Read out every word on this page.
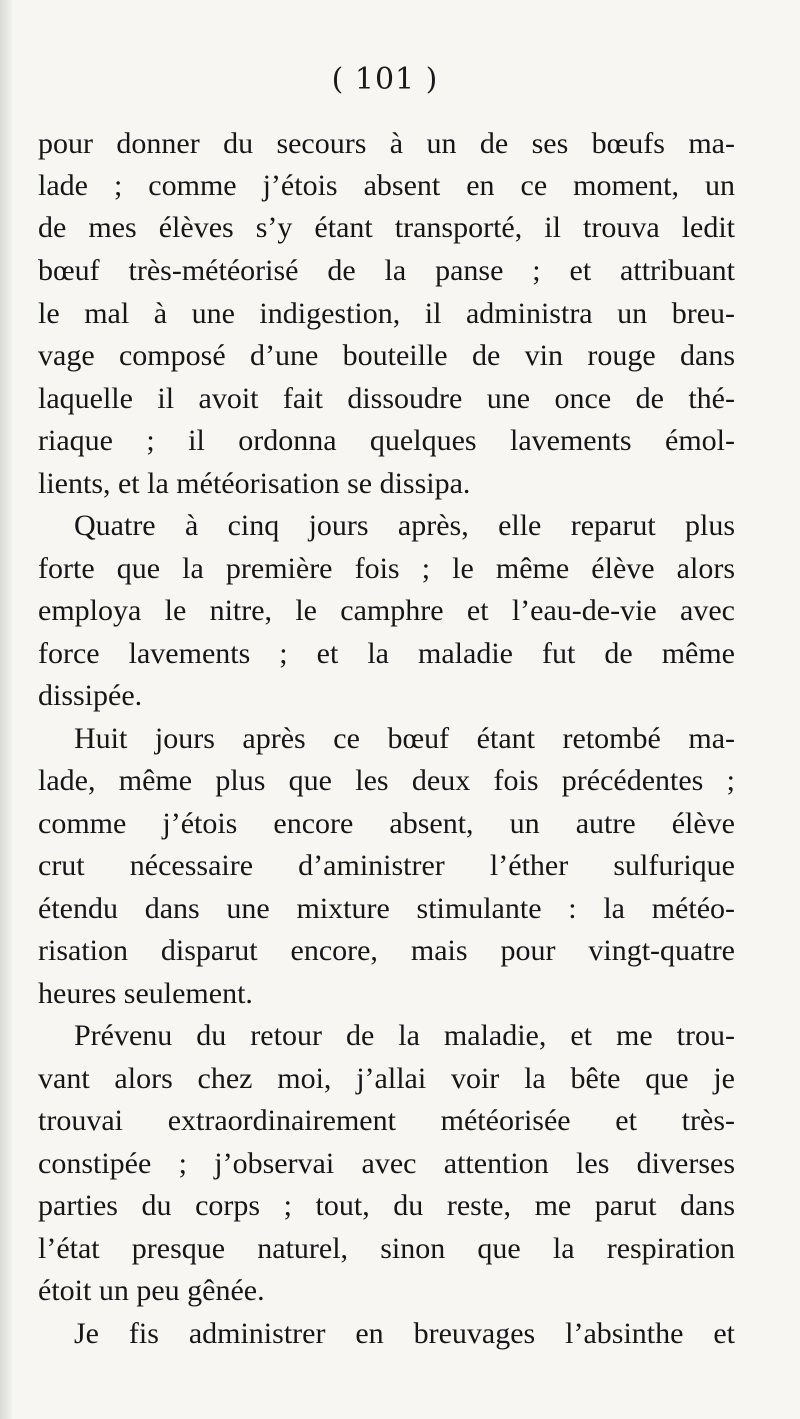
( 101 )
pour donner du secours à un de ses bœufs ma-
lade ; comme j’étois absent en ce moment, un
de mes élèves s’y étant transporté, il trouva ledit
bœuf très-météorisé de la panse ; et attribuant
le mal à une indigestion, il administra un breu-
vage composé d’une bouteille de vin rouge dans
laquelle il avoit fait dissoudre une once de thé-
riaque ; il ordonna quelques lavements émol-
lients, et la météorisation se dissipa.
Quatre à cinq jours après, elle reparut plus
forte que la première fois ; le même élève alors
employa le nitre, le camphre et l’eau-de-vie avec
force lavements ; et la maladie fut de même
dissipée.
Huit jours après ce bœuf étant retombé ma-
lade, même plus que les deux fois précédentes ;
comme j’étois encore absent, un autre élève
crut nécessaire d’aministrer l’éther sulfurique
étendu dans une mixture stimulante : la météo-
risation disparut encore, mais pour vingt-quatre
heures seulement.
Prévenu du retour de la maladie, et me trou-
vant alors chez moi, j’allai voir la bête que je
trouvai extraordinairement météorisée et très-
constipée ; j’observai avec attention les diverses
parties du corps ; tout, du reste, me parut dans
l’état presque naturel, sinon que la respiration
étoit un peu gênée.
Je fis administrer en breuvages l’absinthe et
